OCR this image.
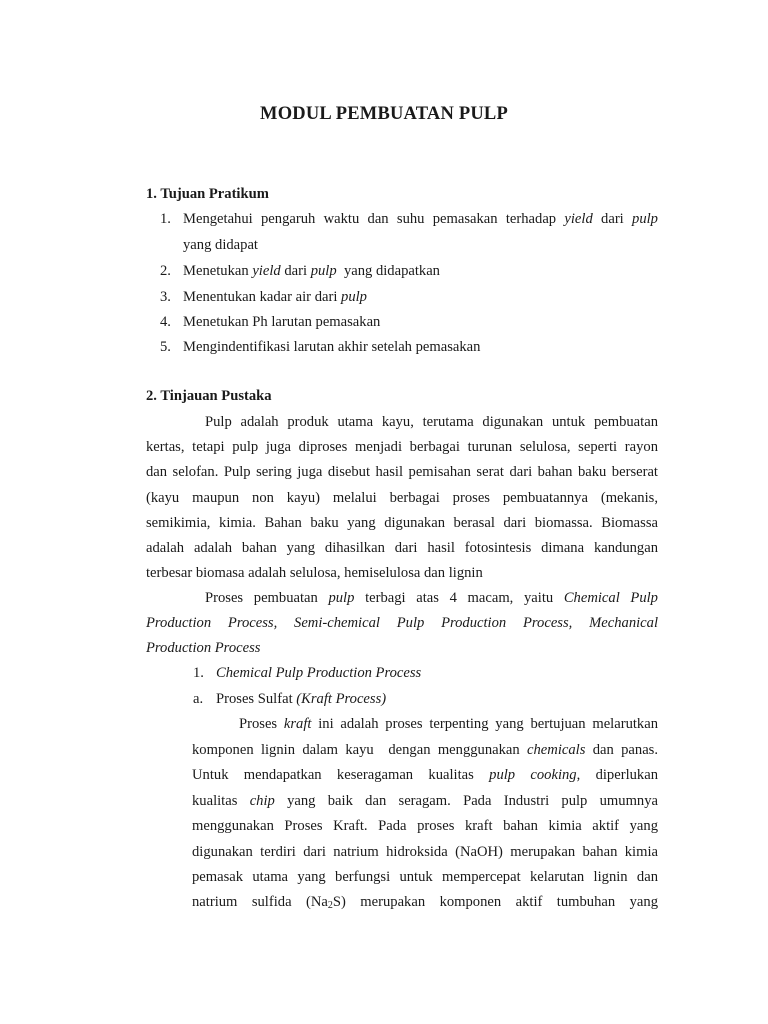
MODUL PEMBUATAN PULP
1. Tujuan Pratikum
1. Mengetahui pengaruh waktu dan suhu pemasakan terhadap yield dari pulp
yang didapat
2. Menetukan yield dari pulp  yang didapatkan
3. Menentukan kadar air dari pulp
4. Menetukan Ph larutan pemasakan
5. Mengindentifikasi larutan akhir setelah pemasakan
2. Tinjauan Pustaka
Pulp adalah produk utama kayu, terutama digunakan untuk pembuatan
kertas, tetapi pulp juga diproses menjadi berbagai turunan selulosa, seperti rayon
dan selofan. Pulp sering juga disebut hasil pemisahan serat dari bahan baku berserat
(kayu maupun non kayu) melalui berbagai proses pembuatannya (mekanis,
semikimia, kimia. Bahan baku yang digunakan berasal dari biomassa. Biomassa
adalah adalah bahan yang dihasilkan dari hasil fotosintesis dimana kandungan
terbesar biomasa adalah selulosa, hemiselulosa dan lignin
Proses pembuatan pulp terbagi atas 4 macam, yaitu Chemical Pulp
Production Process, Semi-chemical Pulp Production Process, Mechanical
Production Process
1. Chemical Pulp Production Process
a. Proses Sulfat (Kraft Process)
Proses kraft ini adalah proses terpenting yang bertujuan melarutkan
komponen lignin dalam kayu  dengan menggunakan chemicals dan panas.
Untuk mendapatkan keseragaman kualitas pulp cooking, diperlukan
kualitas chip yang baik dan seragam. Pada Industri pulp umumnya
menggunakan Proses Kraft. Pada proses kraft bahan kimia aktif yang
digunakan terdiri dari natrium hidroksida (NaOH) merupakan bahan kimia
pemasak utama yang berfungsi untuk mempercepat kelarutan lignin dan
natrium sulfida $(Na_2S)$ merupakan komponen aktif tumbuhan yang
